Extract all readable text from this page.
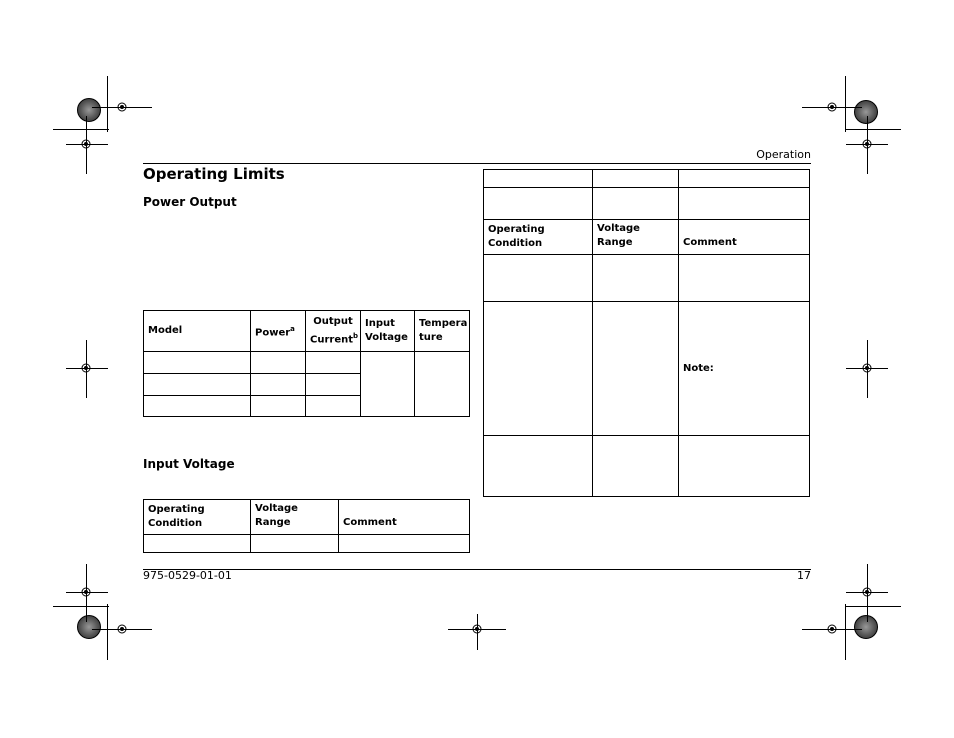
Operation
Operating Limits
Power Output
Model	Power$^a$	Output Current$^b$	Input Voltage	Tempera ture

Input Voltage
Operating Condition	Voltage Range	Comment

Operating Condition	Voltage Range	Comment

		Note:

975-0529-01-01	17
